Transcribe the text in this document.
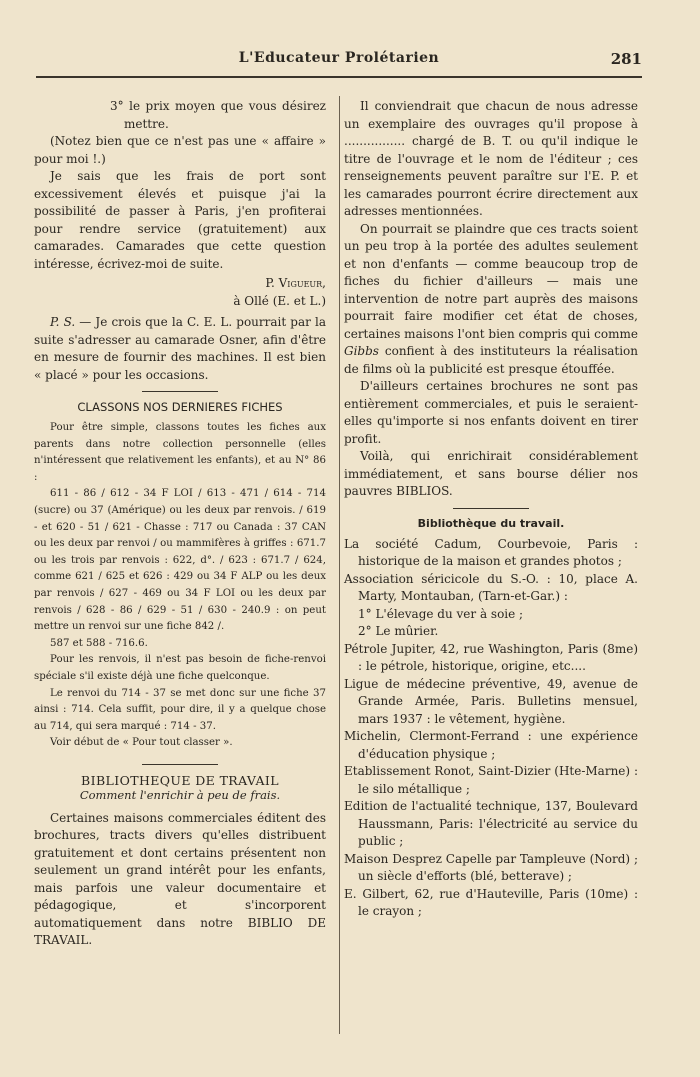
L'Educateur Prolétarien	281

3° le prix moyen que vous désirez mettre.

(Notez bien que ce n'est pas une « affaire » pour moi !.)

Je sais que les frais de port sont excessivement élevés et puisque j'ai la possibilité de passer à Paris, j'en profiterai pour rendre service (gratuitement) aux camarades. Camarades que cette question intéresse, écrivez-moi de suite.

P. Vigueur,

à Ollé (E. et L.)

P. S. — Je crois que la C. E. L. pourrait par la suite s'adresser au camarade Osner, afin d'être en mesure de fournir des machines. Il est bien « placé » pour les occasions.

CLASSONS NOS DERNIERES FICHES

Pour être simple, classons toutes les fiches aux parents dans notre collection personnelle (elles n'intéressent que relativement les enfants), et au N° 86 :

611 - 86 / 612 - 34 F LOI / 613 - 471 / 614 - 714 (sucre) ou 37 (Amérique) ou les deux par renvois. / 619 - et 620 - 51 / 621 - Chasse : 717 ou Canada : 37 CAN ou les deux par renvoi / ou mammifères à griffes : 671.7 ou les trois par renvois : 622, d°. / 623 : 671.7 / 624, comme 621 / 625 et 626 : 429 ou 34 F ALP ou les deux par renvois / 627 - 469 ou 34 F LOI ou les deux par renvois / 628 - 86 / 629 - 51 / 630 - 240.9 : on peut mettre un renvoi sur une fiche 842 /.

587 et 588 - 716.6.

Pour les renvois, il n'est pas besoin de fiche-renvoi spéciale s'il existe déjà une fiche quelconque.

Le renvoi du 714 - 37 se met donc sur une fiche 37 ainsi : 714. Cela suffit, pour dire, il y a quelque chose au 714, qui sera marqué : 714 - 37.

Voir début de « Pour tout classer ».

BIBLIOTHEQUE DE TRAVAIL

Comment l'enrichir à peu de frais.

Certaines maisons commerciales éditent des brochures, tracts divers qu'elles distribuent gratuitement et dont certains présentent non seulement un grand intérêt pour les enfants, mais parfois une valeur documentaire et pédagogique, et s'incorporent automatiquement dans notre BIBLIO DE TRAVAIL.

Il conviendrait que chacun de nous adresse un exemplaire des ouvrages qu'il propose à ................ chargé de B. T. ou qu'il indique le titre de l'ouvrage et le nom de l'éditeur ; ces renseignements peuvent paraître sur l'E. P. et les camarades pourront écrire directement aux adresses mentionnées.

On pourrait se plaindre que ces tracts soient un peu trop à la portée des adultes seulement et non d'enfants — comme beaucoup trop de fiches du fichier d'ailleurs — mais une intervention de notre part auprès des maisons pourrait faire modifier cet état de choses, certaines maisons l'ont bien compris qui comme Gibbs confient à des instituteurs la réalisation de films où la publicité est presque étouffée.

D'ailleurs certaines brochures ne sont pas entièrement commerciales, et puis le seraient-elles qu'importe si nos enfants doivent en tirer profit.

Voilà, qui enrichirait considérablement immédiatement, et sans bourse délier nos pauvres BIBLIOS.

Bibliothèque du travail.

La société Cadum, Courbevoie, Paris : historique de la maison et grandes photos ;

Association séricicole du S.-O. : 10, place A. Marty, Montauban, (Tarn-et-Gar.) :

1° L'élevage du ver à soie ;

2° Le mûrier.

Pétrole Jupiter, 42, rue Washington, Paris (8me) : le pétrole, historique, origine, etc....

Ligue de médecine préventive, 49, avenue de Grande Armée, Paris. Bulletins mensuel, mars 1937 : le vêtement, hygiène.

Michelin, Clermont-Ferrand : une expérience d'éducation physique ;

Etablissement Ronot, Saint-Dizier (Hte-Marne) : le silo métallique ;

Edition de l'actualité technique, 137, Boulevard Haussmann, Paris: l'électricité au service du public ;

Maison Desprez Capelle par Tampleuve (Nord) ; un siècle d'efforts (blé, betterave) ;

E. Gilbert, 62, rue d'Hauteville, Paris (10me) : le crayon ;
